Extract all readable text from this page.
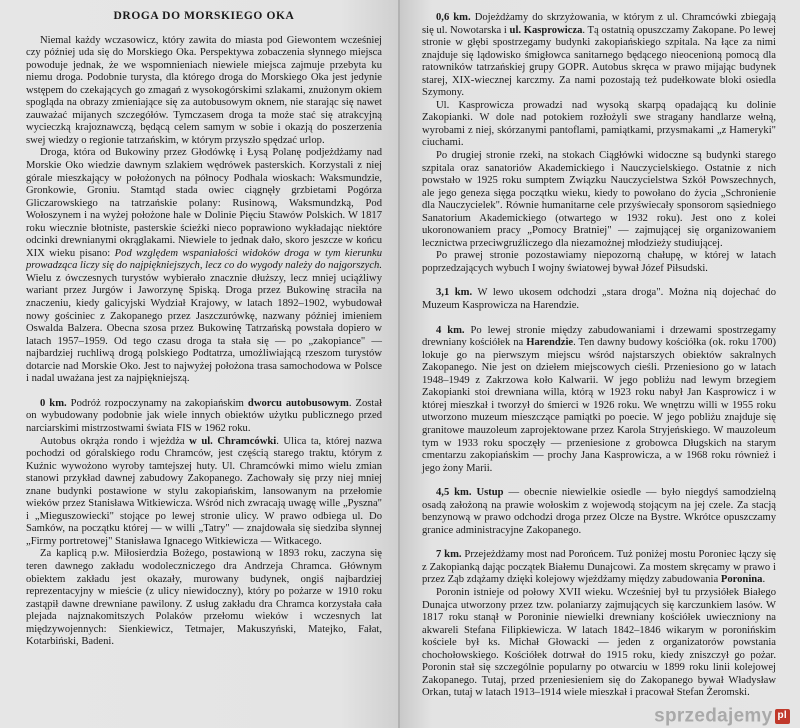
DROGA DO MORSKIEGO OKA

Niemal każdy wczasowicz, który zawita do miasta pod Giewontem wcześniej czy później uda się do Morskiego Oka. Perspektywa zobaczenia słynnego miejsca powoduje jednak, że we wspomnieniach niewiele miejsca zajmuje przebyta ku niemu droga. Podobnie turysta, dla którego droga do Morskiego Oka jest jedynie wstępem do czekających go zmagań z wysokogórskimi szlakami, znużonym okiem spogląda na obrazy zmieniające się za autobusowym oknem, nie starając się nawet zauważać mijanych szczegółów. Tymczasem droga ta może stać się atrakcyjną wycieczką krajoznawczą, będącą celem samym w sobie i okazją do poszerzenia swej wiedzy o regionie tatrzańskim, w którym przyszło spędzać urlop.

Droga, która od Bukowiny przez Głodówkę i Łysą Polanę podjeżdżamy nad Morskie Oko wiedzie dawnym szlakiem wędrówek pasterskich. Korzystali z niej górale mieszkający w położonych na północy Podhala wioskach: Waksmundzie, Gronkowie, Groniu. Stamtąd stada owiec ciągnęły grzbietami Pogórza Gliczarowskiego na tatrzańskie polany: Rusinową, Waksmundzką, Pod Wołoszynem i na wyżej położone hale w Dolinie Pięciu Stawów Polskich. W 1817 roku wiecznie błotniste, pasterskie ścieżki nieco poprawiono wykładając niektóre odcinki drewnianymi okrąglakami. Niewiele to jednak dało, skoro jeszcze w końcu XIX wieku pisano: Pod względem wspaniałości widoków droga w tym kierunku prowadząca liczy się do najpiękniejszych, lecz co do wygody należy do najgorszych. Wielu z ówczesnych turystów wybierało znacznie dłuższy, lecz mniej uciążliwy wariant przez Jurgów i Jaworzynę Spiską. Droga przez Bukowinę straciła na znaczeniu, kiedy galicyjski Wydział Krajowy, w latach 1892–1902, wybudował nowy gościniec z Zakopanego przez Jaszczurówkę, nazwany później imieniem Oswalda Balzera. Obecna szosa przez Bukowinę Tatrzańską powstała dopiero w latach 1957–1959. Od tego czasu droga ta stała się — po „zakopiance" — najbardziej ruchliwą drogą polskiego Podtatrza, umożliwiającą rzeszom turystów dotarcie nad Morskie Oko. Jest to najwyżej położona trasa samochodowa w Polsce i nadal uważana jest za najpiękniejszą.

0 km. Podróż rozpoczynamy na zakopiańskim dworcu autobusowym. Został on wybudowany podobnie jak wiele innych obiektów użytku publicznego przed narciarskimi mistrzostwami świata FIS w 1962 roku.

Autobus okrąża rondo i wjeżdża w ul. Chramcówki. Ulica ta, której nazwa pochodzi od góralskiego rodu Chramców, jest częścią starego traktu, którym z Kuźnic wywożono wyroby tamtejszej huty. Ul. Chramcówki mimo wielu zmian stanowi przykład dawnej zabudowy Zakopanego. Zachowały się przy niej mniej znane budynki postawione w stylu zakopiańskim, lansowanym na przełomie wieków przez Stanisława Witkiewicza. Wśród nich zwracają uwagę wille „Pyszna" i „Mieguszowiecki" stojące po lewej stronie ulicy. W prawo odbiega ul. Do Samków, na początku której — w willi „Tatry" — znajdowała się siedziba słynnej „Firmy portretowej" Stanisława Ignacego Witkiewicza — Witkacego.

Za kaplicą p.w. Miłosierdzia Bożego, postawioną w 1893 roku, zaczyna się teren dawnego zakładu wodoleczniczego dra Andrzeja Chramca. Głównym obiektem zakładu jest okazały, murowany budynek, ongiś najbardziej reprezentacyjny w mieście (z ulicy niewidoczny), który po pożarze w 1910 roku zastąpił dawne drewniane pawilony. Z usług zakładu dra Chramca korzystała cała plejada najznakomitszych Polaków przełomu wieków i wczesnych lat międzywojennych: Sienkiewicz, Tetmajer, Makuszyński, Matejko, Fałat, Kotarbiński, Badeni.

0,6 km. Dojeżdżamy do skrzyżowania, w którym z ul. Chramcówki zbiegają się ul. Nowotarska i ul. Kasprowicza. Tą ostatnią opuszczamy Zakopane. Po lewej stronie w głębi spostrzegamy budynki zakopiańskiego szpitala. Na łące za nimi znajduje się lądowisko śmigłowca sanitarnego będącego nieocenioną pomocą dla ratowników tatrzańskiej grupy GOPR. Autobus skręca w prawo mijając budynek starej, XIX-wiecznej karczmy. Za nami pozostają też pudełkowate bloki osiedla Szymony.

Ul. Kasprowicza prowadzi nad wysoką skarpą opadającą ku dolinie Zakopianki. W dole nad potokiem rozłożyli swe stragany handlarze wełną, wyrobami z niej, skórzanymi pantoflami, pamiątkami, przysmakami „z Hameryki" ciuchami.

Po drugiej stronie rzeki, na stokach Ciągłówki widoczne są budynki starego szpitala oraz sanatoriów Akademickiego i Nauczycielskiego. Ostatnie z nich powstało w 1925 roku sumptem Związku Nauczycielstwa Szkół Powszechnych, ale jego geneza sięga początku wieku, kiedy to powołano do życia „Schronienie dla Nauczycielek". Równie humanitarne cele przyświecały sponsorom sąsiedniego Sanatorium Akademickiego (otwartego w 1932 roku). Jest ono z kolei ukoronowaniem pracy „Pomocy Bratniej" — zajmującej się organizowaniem lecznictwa przeciwgruźliczego dla niezamożnej młodzieży studiującej.

Po prawej stronie pozostawiamy niepozorną chałupę, w której w latach poprzedzających wybuch I wojny światowej bywał Józef Piłsudski.

3,1 km. W lewo ukosem odchodzi „stara droga". Można nią dojechać do Muzeum Kasprowicza na Harendzie.

4 km. Po lewej stronie między zabudowaniami i drzewami spostrzegamy drewniany kościółek na Harendzie. Ten dawny budowy kościółka (ok. roku 1700) lokuje go na pierwszym miejscu wśród najstarszych obiektów sakralnych Zakopanego. Nie jest on dziełem miejscowych cieśli. Przeniesiono go w latach 1948–1949 z Zakrzowa koło Kalwarii. W jego pobliżu nad lewym brzegiem Zakopianki stoi drewniana willa, którą w 1923 roku nabył Jan Kasprowicz i w której mieszkał i tworzył do śmierci w 1926 roku. We wnętrzu willi w 1955 roku utworzono muzeum mieszczące pamiątki po poecie. W jego pobliżu znajduje się granitowe mauzoleum zaprojektowane przez Karola Stryjeńskiego. W mauzoleum tym w 1933 roku spoczęły — przeniesione z grobowca Długskich na starym cmentarzu zakopiańskim — prochy Jana Kasprowicza, a w 1968 roku również i jego żony Marii.

4,5 km. Ustup — obecnie niewielkie osiedle — było niegdyś samodzielną osadą założoną na prawie wołoskim z wojewodą stojącym na jej czele. Za stacją benzynową w prawo odchodzi droga przez Olcze na Bystre. Wkrótce opuszczamy granice administracyjne Zakopanego.

7 km. Przejeżdżamy most nad Porońcem. Tuż poniżej mostu Poroniec łączy się z Zakopianką dając początek Białemu Dunajcowi. Za mostem skręcamy w prawo i przez Ząb zdążamy dzięki kolejowy wjeżdżamy między zabudowania Poronina.

Poronin istnieje od połowy XVII wieku. Wcześniej był tu przysiółek Białego Dunajca utworzony przez tzw. polaniarzy zajmujących się karczunkiem lasów. W 1817 roku stanął w Poroninie niewielki drewniany kościółek uwieczniony na akwareli Stefana Filipkiewicza. W latach 1842–1846 wikarym w poronińskim kościele był ks. Michał Głowacki — jeden z organizatorów powstania chochołowskiego. Kościółek dotrwał do 1915 roku, kiedy zniszczył go pożar. Poronin stał się szczególnie popularny po otwarciu w 1899 roku linii kolejowej Zakopanego. Tutaj, przed przeniesieniem się do Zakopanego bywał Władysław Orkan, tutaj w latach 1913–1914 wiele mieszkał i pracował Stefan Żeromski.

sprzedajemy pl
